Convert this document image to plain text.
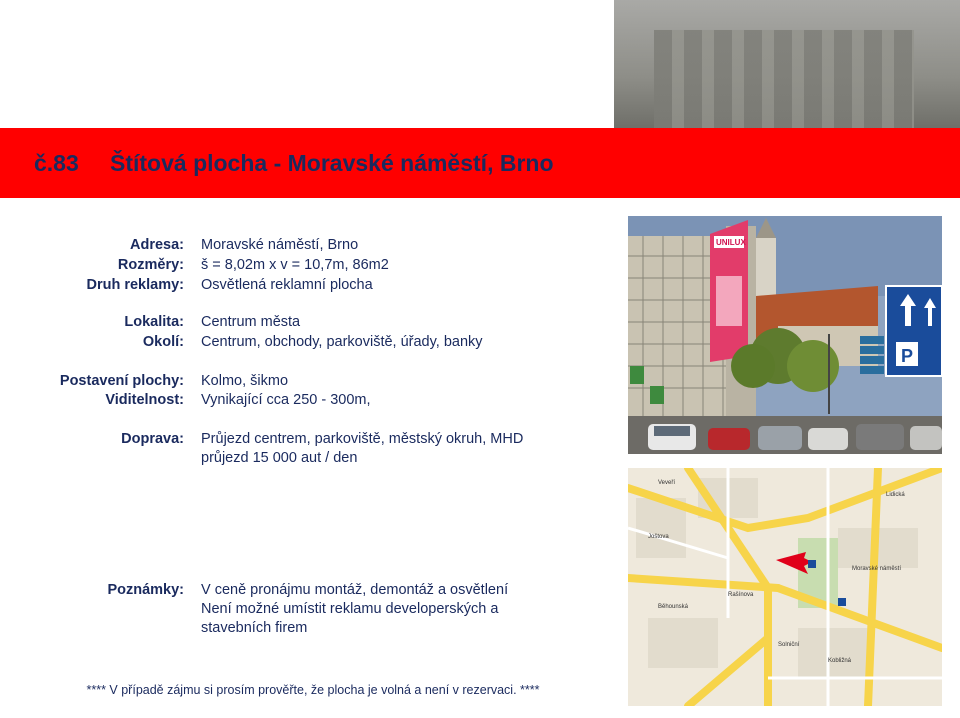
č.83 Štítová plocha - Moravské náměstí, Brno
Adresa:
Rozměry:
Druh reklamy:
Lokalita:
Okolí:
Postavení plochy:
Viditelnost:
Doprava:
Poznámky:
Moravské náměstí, Brno
š = 8,02m x v = 10,7m, 86m2
Osvětlená reklamní plocha
Centrum města
Centrum, obchody, parkoviště, úřady, banky
Kolmo, šikmo
Vynikající cca 250 - 300m,
Průjezd centrem, parkoviště, městský okruh, MHD
průjezd 15 000 aut / den
V ceně pronájmu montáž, demontáž a osvětlení
Není možné umístit reklamu developerských a
stavebních firem
**** V případě zájmu si prosím prověřte, že plocha je volná a není v rezervaci. ****
UNILUX
P
Moravské náměstí
Lidická
Veveří
Rašínova
Solniční
Kobližná
Běhounská
Joštova
